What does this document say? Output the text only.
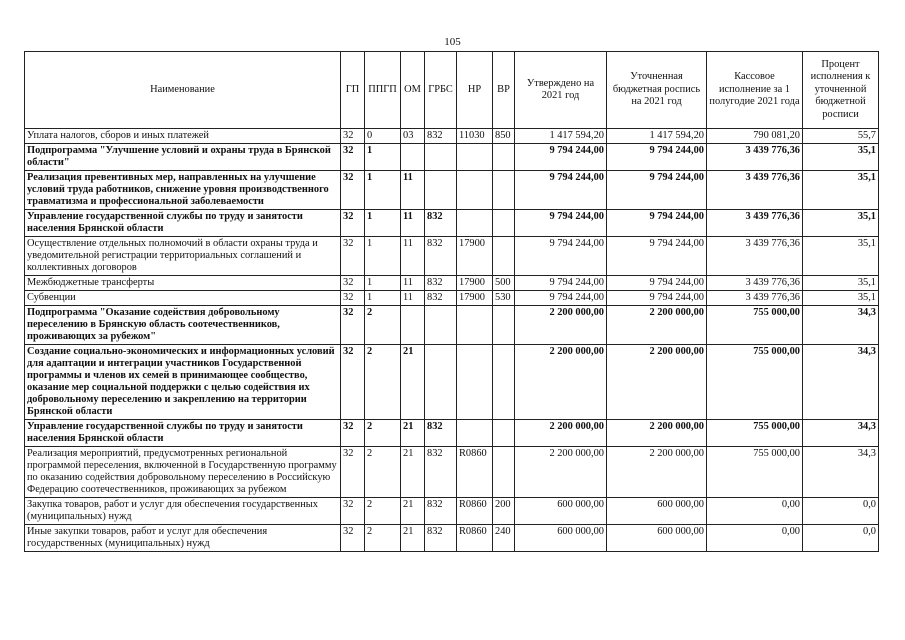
105
Наименование	ГП	ППГП	ОМ	ГРБС	НР	ВР	Утверждено на 2021 год	Уточненная бюджетная роспись на 2021 год	Кассовое исполнение за 1 полугодие 2021 года	Процент исполнения к уточненной бюджетной росписи
Уплата налогов, сборов и иных платежей	32	0	03	832	11030	850	1 417 594,20	1 417 594,20	790 081,20	55,7
Подпрограмма "Улучшение условий и охраны труда в Брянской области"	32	1					9 794 244,00	9 794 244,00	3 439 776,36	35,1
Реализация превентивных мер, направленных на улучшение условий труда работников, снижение уровня производственного травматизма и профессиональной заболеваемости	32	1	11				9 794 244,00	9 794 244,00	3 439 776,36	35,1
Управление государственной службы по труду и занятости населения Брянской области	32	1	11	832			9 794 244,00	9 794 244,00	3 439 776,36	35,1
Осуществление отдельных полномочий в области охраны труда и уведомительной регистрации территориальных соглашений и коллективных договоров	32	1	11	832	17900		9 794 244,00	9 794 244,00	3 439 776,36	35,1
Межбюджетные трансферты	32	1	11	832	17900	500	9 794 244,00	9 794 244,00	3 439 776,36	35,1
Субвенции	32	1	11	832	17900	530	9 794 244,00	9 794 244,00	3 439 776,36	35,1
Подпрограмма "Оказание содействия добровольному переселению в Брянскую область соотечественников, проживающих за рубежом"	32	2					2 200 000,00	2 200 000,00	755 000,00	34,3
Создание социально-экономических и информационных условий для адаптации и интеграции участников Государственной программы и членов их семей в принимающее сообщество, оказание мер социальной поддержки с целью содействия их добровольному переселению и закреплению на территории Брянской области	32	2	21				2 200 000,00	2 200 000,00	755 000,00	34,3
Управление государственной службы по труду и занятости населения Брянской области	32	2	21	832			2 200 000,00	2 200 000,00	755 000,00	34,3
Реализация мероприятий, предусмотренных региональной программой переселения, включенной в Государственную программу по оказанию содействия добровольному переселению в Российскую Федерацию соотечественников, проживающих за рубежом	32	2	21	832	R0860		2 200 000,00	2 200 000,00	755 000,00	34,3
Закупка товаров, работ и услуг для обеспечения государственных (муниципальных) нужд	32	2	21	832	R0860	200	600 000,00	600 000,00	0,00	0,0
Иные закупки товаров, работ и услуг для обеспечения государственных (муниципальных) нужд	32	2	21	832	R0860	240	600 000,00	600 000,00	0,00	0,0
